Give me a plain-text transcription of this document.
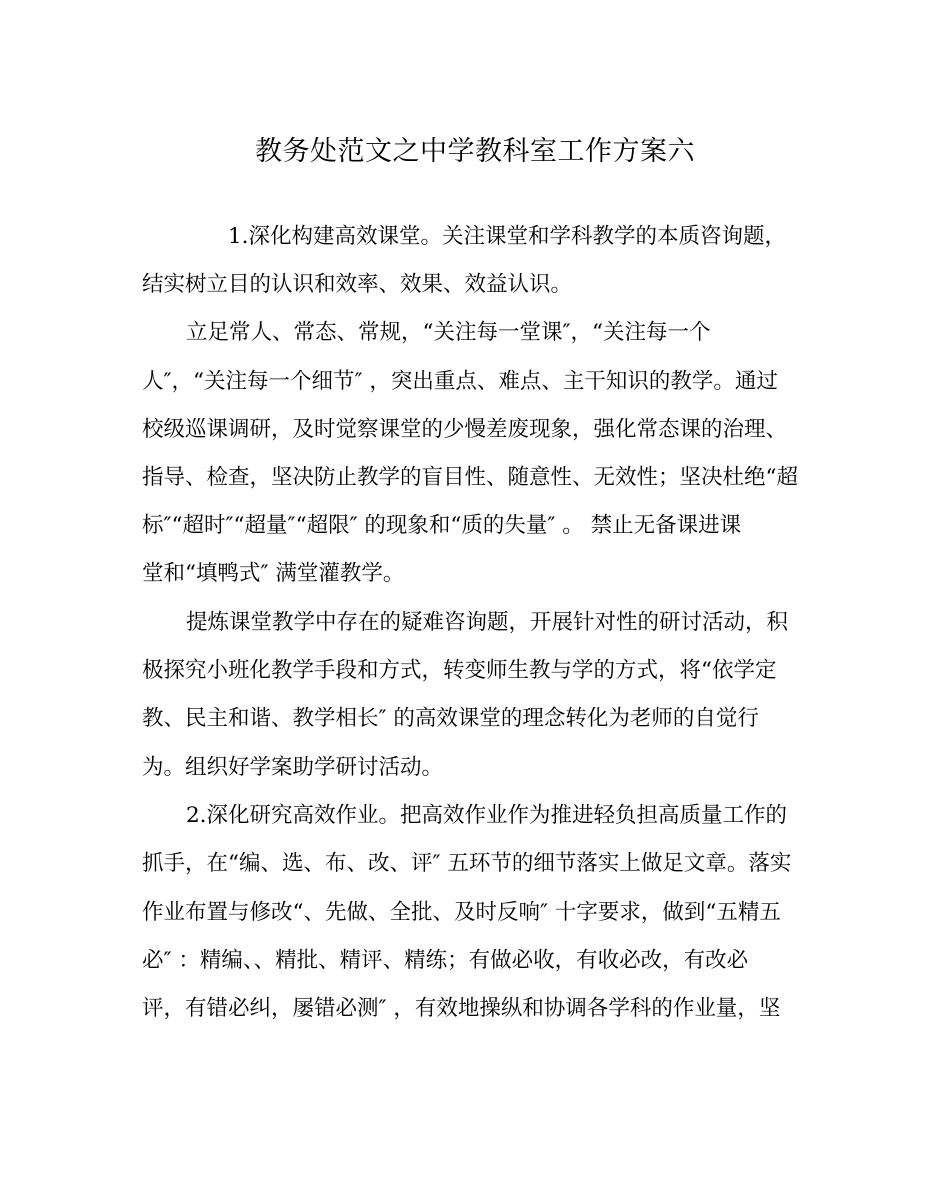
教务处范文之中学教科室工作方案六
1.深化构建高效课堂。关注课堂和学科教学的本质咨询题，
结实树立目的认识和效率、效果、效益认识。
立足常人、常态、常规，“关注每一堂课″，“关注每一个
人″，“关注每一个细节″ ，突出重点、难点、主干知识的教学。通过
校级巡课调研，及时觉察课堂的少慢差废现象，强化常态课的治理、
指导、检查，坚决防止教学的盲目性、随意性、无效性；坚决杜绝“超
标″“超时″“超量″“超限″ 的现象和“质的失量″ 。 禁止无备课进课
堂和“填鸭式″ 满堂灌教学。
提炼课堂教学中存在的疑难咨询题，开展针对性的研讨活动，积
极探究小班化教学手段和方式，转变师生教与学的方式，将“依学定
教、民主和谐、教学相长″ 的高效课堂的理念转化为老师的自觉行
为。组织好学案助学研讨活动。
2.深化研究高效作业。把高效作业作为推进轻负担高质量工作的
抓手，在“编、选、布、改、评″ 五环节的细节落实上做足文章。落实
作业布置与修改“、先做、全批、及时反响″ 十字要求，做到“五精五
必″ ：精编、、精批、精评、精练；有做必收，有收必改，有改必
评，有错必纠，屡错必测″ ，有效地操纵和协调各学科的作业量，坚
